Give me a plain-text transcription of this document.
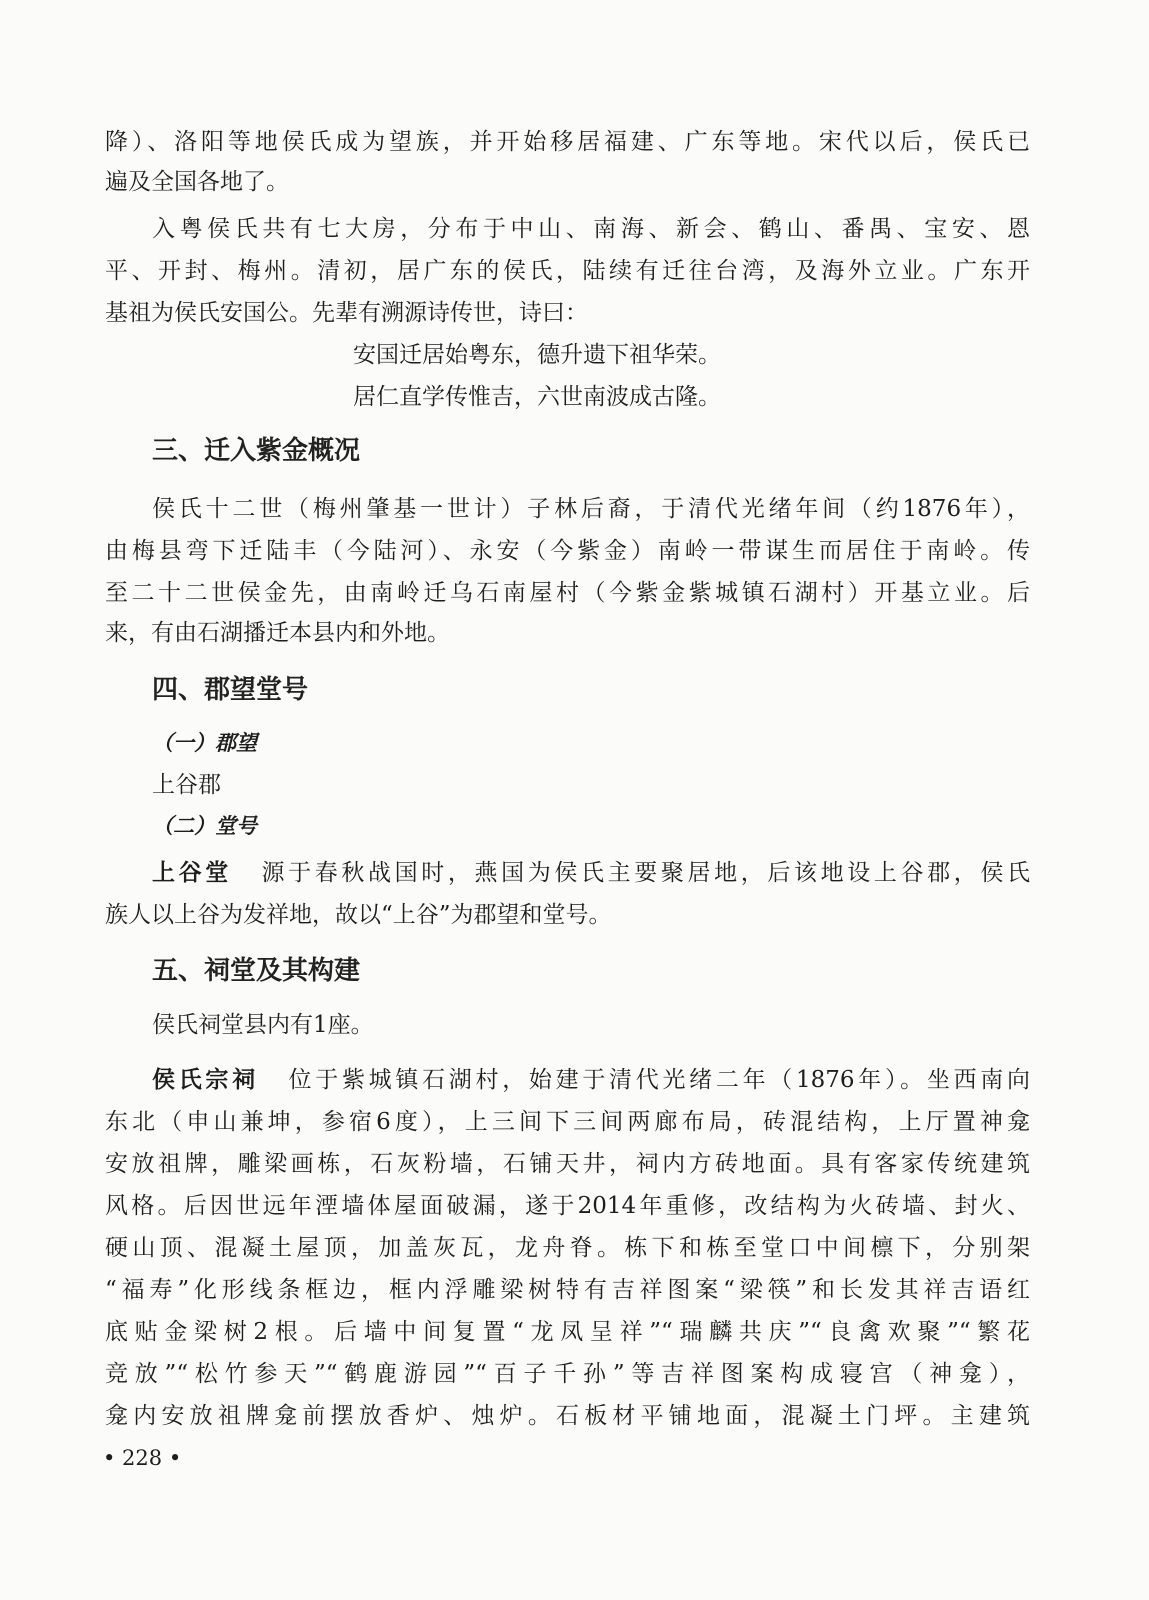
降）、洛阳等地侯氏成为望族，并开始移居福建、广东等地。宋代以后，侯氏已
遍及全国各地了。
入粤侯氏共有七大房，分布于中山、南海、新会、鹤山、番禺、宝安、恩
平、开封、梅州。清初，居广东的侯氏，陆续有迁往台湾，及海外立业。广东开
基祖为侯氏安国公。先辈有溯源诗传世，诗曰：
安国迁居始粤东，德升遗下祖华荣。
居仁直学传惟吉，六世南波成古隆。
三、迁入紫金概况
侯氏十二世（梅州肇基一世计）子林后裔，于清代光绪年间（约1876年），
由梅县弯下迁陆丰（今陆河）、永安（今紫金）南岭一带谋生而居住于南岭。传
至二十二世侯金先，由南岭迁乌石南屋村（今紫金紫城镇石湖村）开基立业。后
来，有由石湖播迁本县内和外地。
四、郡望堂号
（一）郡望
上谷郡
（二）堂号
上谷堂 源于春秋战国时，燕国为侯氏主要聚居地，后该地设上谷郡，侯氏
族人以上谷为发祥地，故以“上谷”为郡望和堂号。
五、祠堂及其构建
侯氏祠堂县内有1座。
侯氏宗祠 位于紫城镇石湖村，始建于清代光绪二年（1876年）。坐西南向
东北（申山兼坤，参宿6度），上三间下三间两廊布局，砖混结构，上厅置神龛
安放祖牌，雕梁画栋，石灰粉墙，石铺天井，祠内方砖地面。具有客家传统建筑
风格。后因世远年湮墙体屋面破漏，遂于2014年重修，改结构为火砖墙、封火、
硬山顶、混凝土屋顶，加盖灰瓦，龙舟脊。栋下和栋至堂口中间檩下，分别架
“福寿”化形线条框边，框内浮雕梁树特有吉祥图案“梁筷”和长发其祥吉语红
底贴金梁树2根。后墙中间复置“龙凤呈祥”“瑞麟共庆”“良禽欢聚”“繁花
竞放”“松竹参天”“鹤鹿游园”“百子千孙”等吉祥图案构成寝宫（神龛），
龛内安放祖牌龛前摆放香炉、烛炉。石板材平铺地面，混凝土门坪。主建筑
• 228 •
